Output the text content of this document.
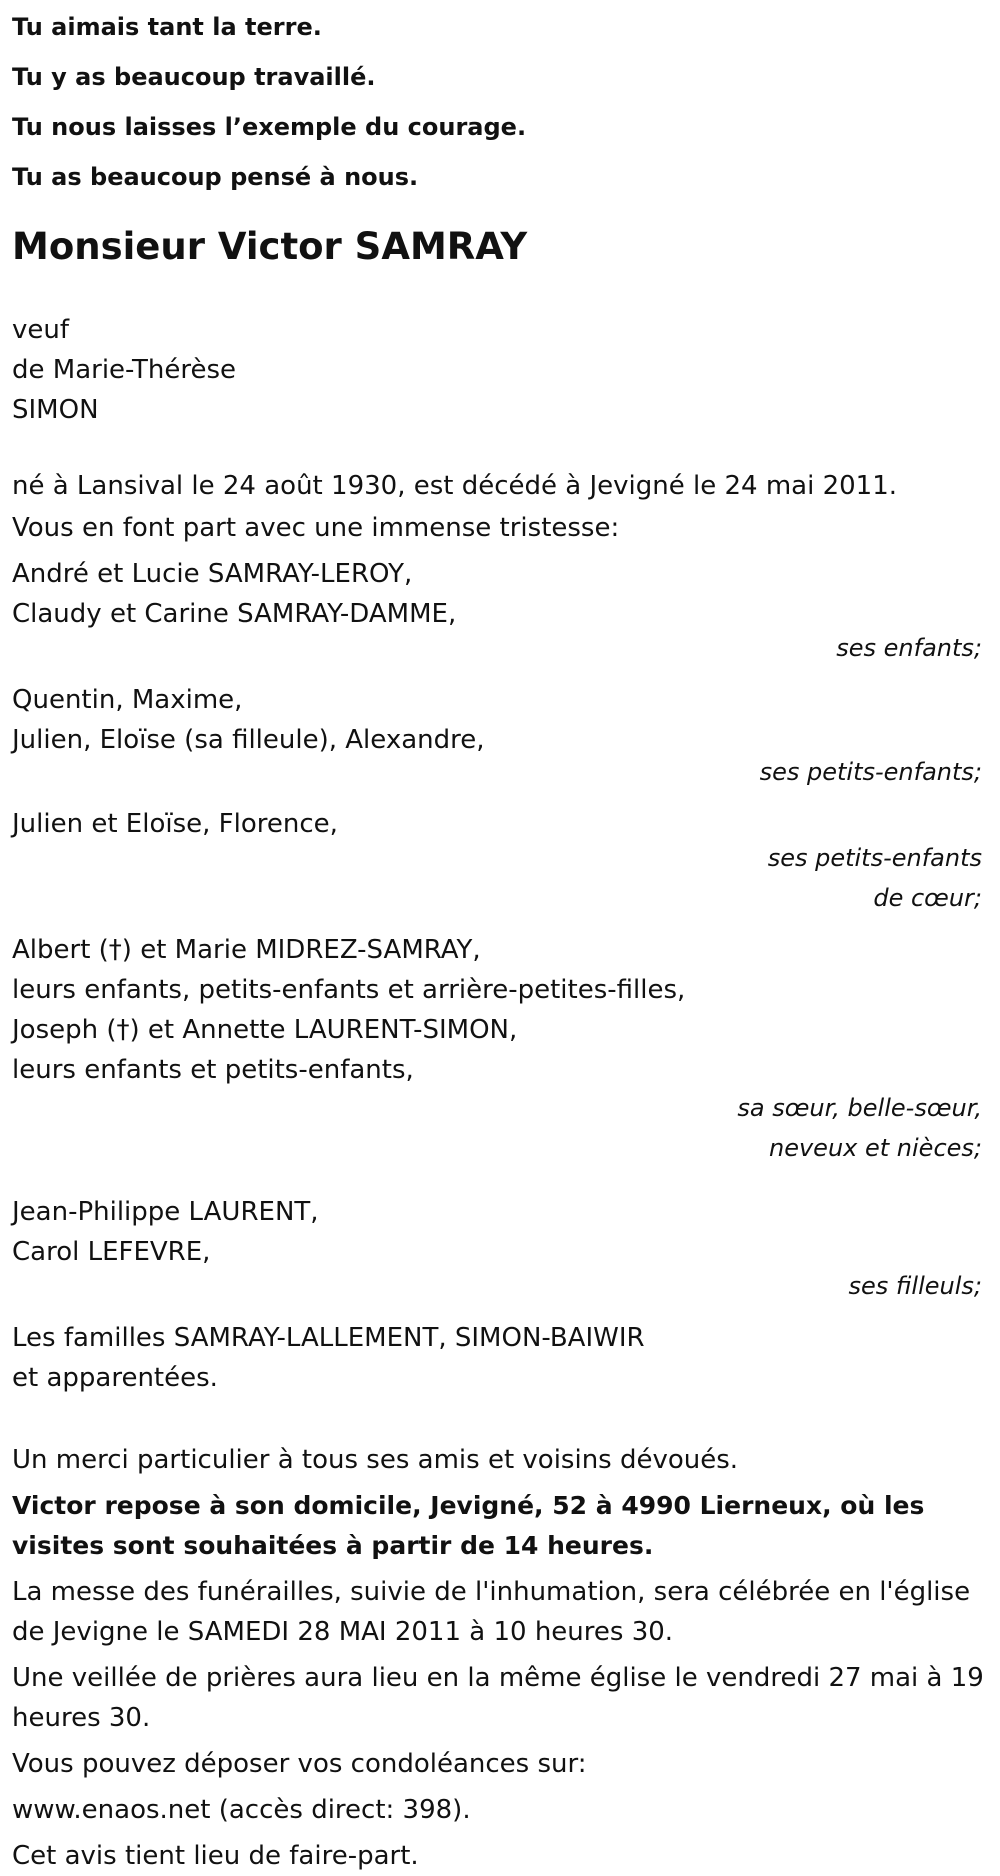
Tu aimais tant la terre.

Tu y as beaucoup travaillé.

Tu nous laisses l’exemple du courage.

Tu as beaucoup pensé à nous.

Monsieur Victor SAMRAY

veuf

de Marie-Thérèse

SIMON

né à Lansival le 24 août 1930, est décédé à Jevigné le 24 mai 2011.

Vous en font part avec une immense tristesse:

André et Lucie SAMRAY-LEROY,

Claudy et Carine SAMRAY-DAMME,

ses enfants;

Quentin, Maxime,

Julien, Eloïse (sa filleule), Alexandre,

ses petits-enfants;

Julien et Eloïse, Florence,

ses petits-enfants

de cœur;

Albert (†) et Marie MIDREZ-SAMRAY,

leurs enfants, petits-enfants et arrière-petites-filles,

Joseph (†) et Annette LAURENT-SIMON,

leurs enfants et petits-enfants,

sa sœur, belle-sœur,

neveux et nièces;

Jean-Philippe LAURENT,

Carol LEFEVRE,

ses filleuls;

Les familles SAMRAY-LALLEMENT, SIMON-BAIWIR

et apparentées.

Un merci particulier à tous ses amis et voisins dévoués.

Victor repose à son domicile, Jevigné, 52 à 4990 Lierneux, où les visites sont souhaitées à partir de 14 heures.

La messe des funérailles, suivie de l'inhumation, sera célébrée en l'église de Jevigne le SAMEDI 28 MAI 2011 à 10 heures 30.

Une veillée de prières aura lieu en la même église le vendredi 27 mai à 19 heures 30.

Vous pouvez déposer vos condoléances sur:

www.enaos.net (accès direct: 398).

Cet avis tient lieu de faire-part.
